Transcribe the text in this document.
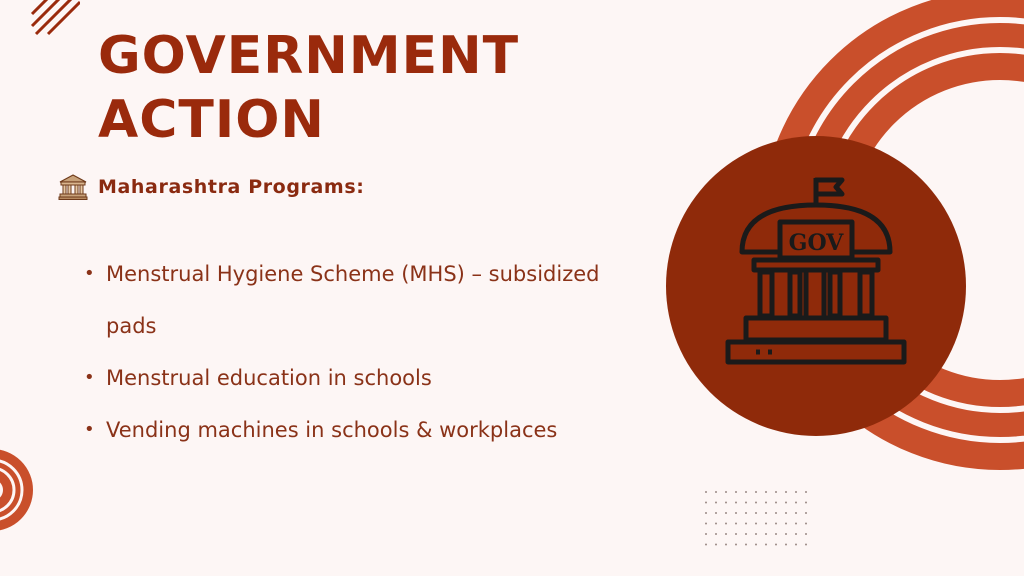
GOVERNMENT
ACTION
Maharashtra Programs:
• Menstrual Hygiene Scheme (MHS) – subsidized pads
• Menstrual education in schools
• Vending machines in schools & workplaces
GOV
